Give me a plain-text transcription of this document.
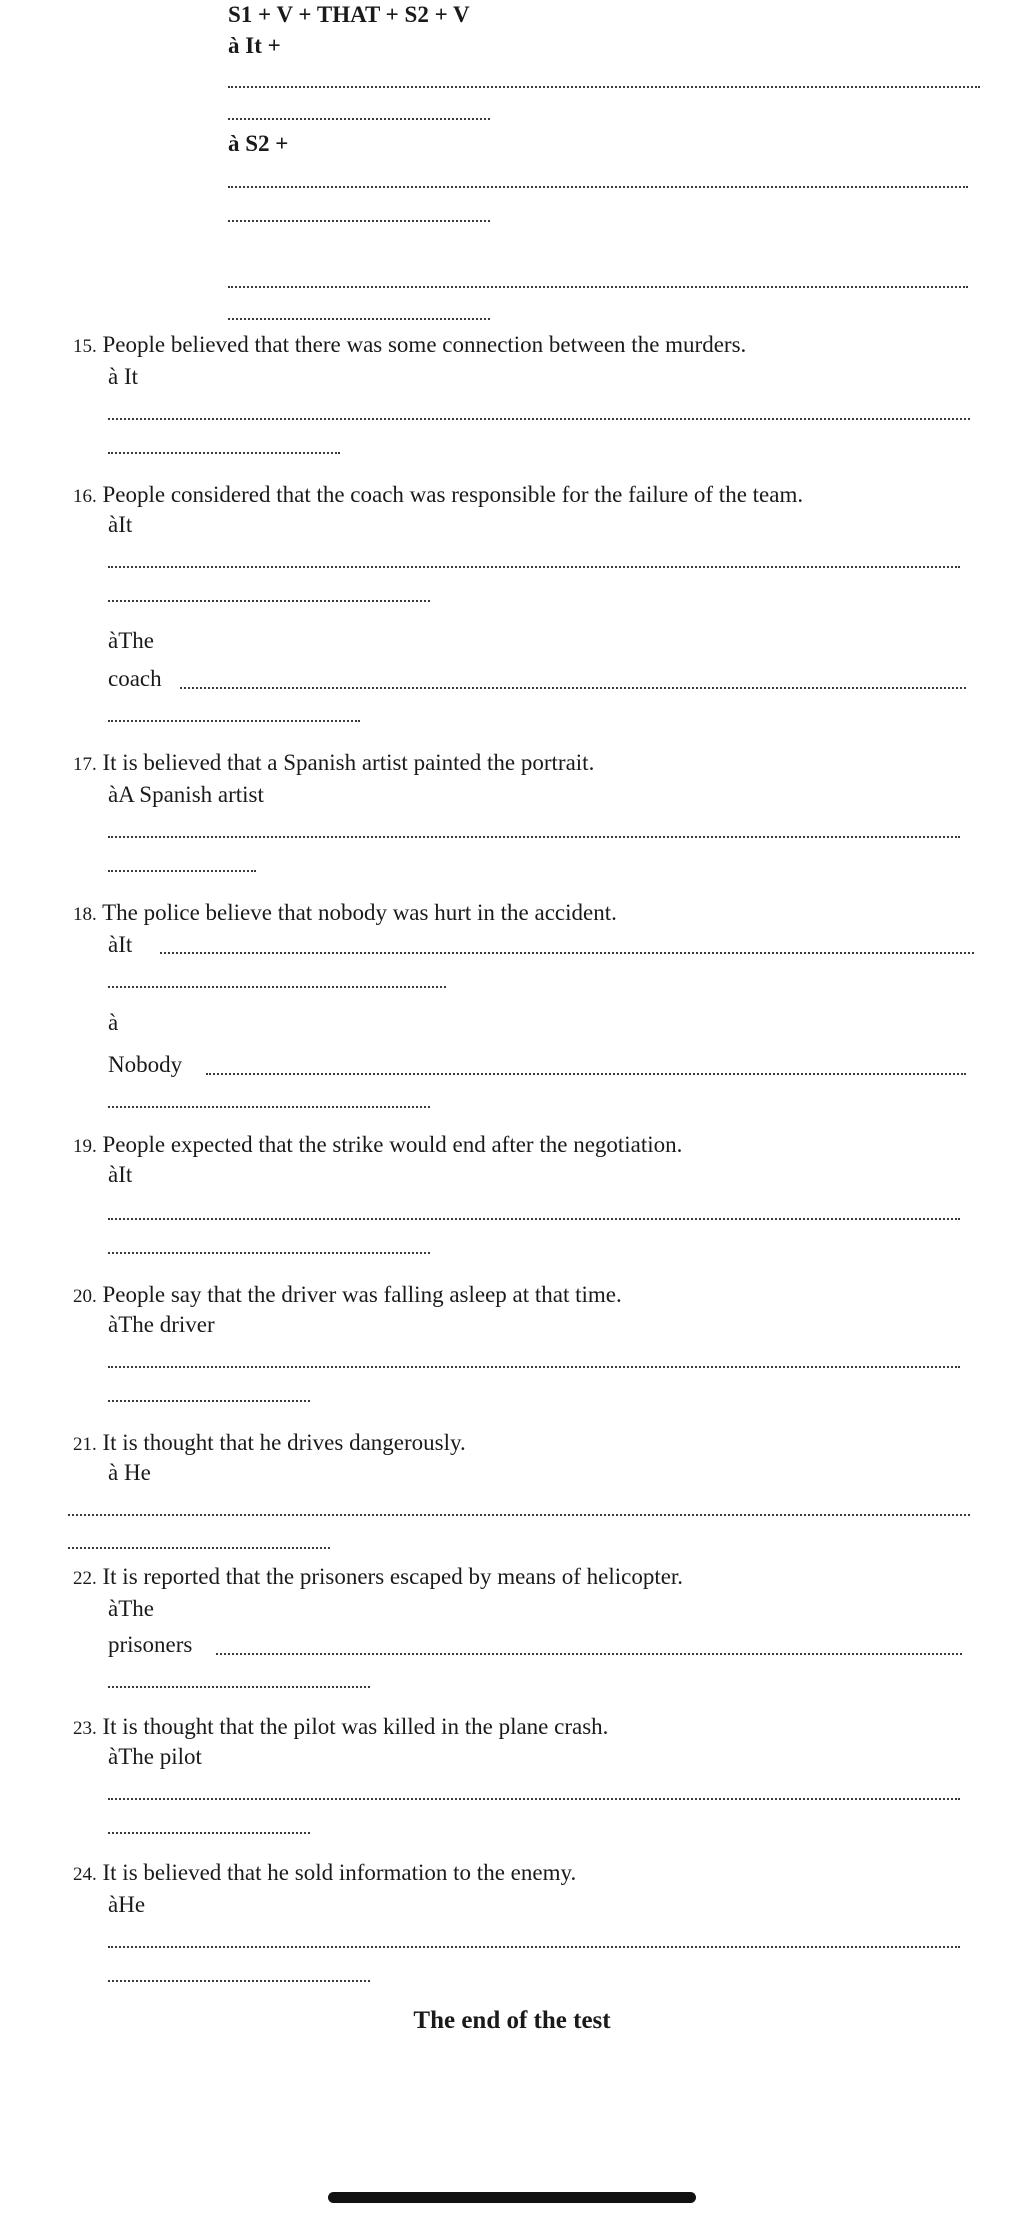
S1 + V + THAT + S2 + V
à It +
à S2 +
15. People believed that there was some connection between the murders.
à It
16. People considered that the coach was responsible for the failure of the team.
àIt
àThe
coach
17. It is believed that a Spanish artist painted the portrait.
àA Spanish artist
18. The police believe that nobody was hurt in the accident.
àIt
à
Nobody
19. People expected that the strike would end after the negotiation.
àIt
20. People say that the driver was falling asleep at that time.
àThe driver
21. It is thought that he drives dangerously.
à He
22. It is reported that the prisoners escaped by means of helicopter.
àThe
prisoners
23. It is thought that the pilot was killed in the plane crash.
àThe pilot
24. It is believed that he sold information to the enemy.
àHe
The end of the test
